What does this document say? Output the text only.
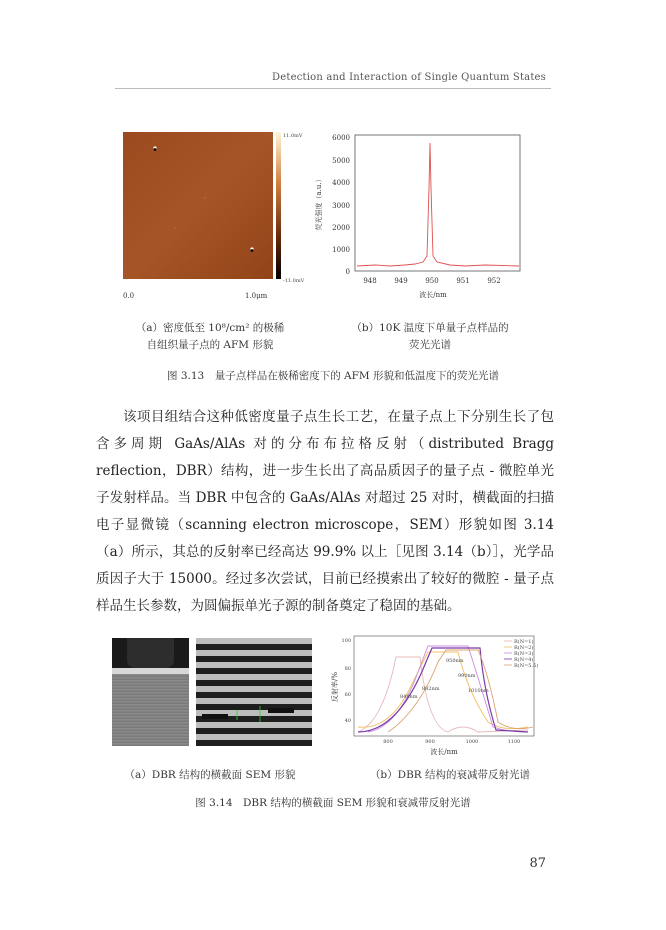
Detection and Interaction of Single Quantum States
11.0mV
-11.0mV
0.0	1.0μm
6000
5000
4000
3000
2000
1000
0
948	949	950	951	952
荧光强度（a.u.）
波长/nm
（a）密度低至 10⁸/cm² 的极稀
自组织量子点的 AFM 形貌
（b）10K 温度下单量子点样品的
荧光光谱
图 3.13　量子点样品在极稀密度下的 AFM 形貌和低温度下的荧光光谱

该项目组结合这种低密度量子点生长工艺，在量子点上下分别生长了包含多周期 GaAs/AlAs 对的分布布拉格反射（distributed Bragg reflection，DBR）结构，进一步生长出了高品质因子的量子点 - 微腔单光子发射样品。当 DBR 中包含的 GaAs/AlAs 对超过 25 对时，横截面的扫描电子显微镜（scanning electron microscope，SEM）形貌如图 3.14（a）所示，其总的反射率已经高达 99.9% 以上［见图 3.14（b）］，光学品质因子大于 15000。经过多次尝试，目前已经摸索出了较好的微腔 - 量子点样品生长参数，为圆偏振单光子源的制备奠定了稳固的基础。

100
80
60
40
800	900	1000	1100
R(N=1)
R(N=2)
R(N=3)
R(N=4)
R(N=5.5)
950nm
990nm
1010nm
882nm
849nm
反射率/%
波长/nm
（a）DBR 结构的横截面 SEM 形貌	（b）DBR 结构的衰减带反射光谱
图 3.14　DBR 结构的横截面 SEM 形貌和衰减带反射光谱
87
